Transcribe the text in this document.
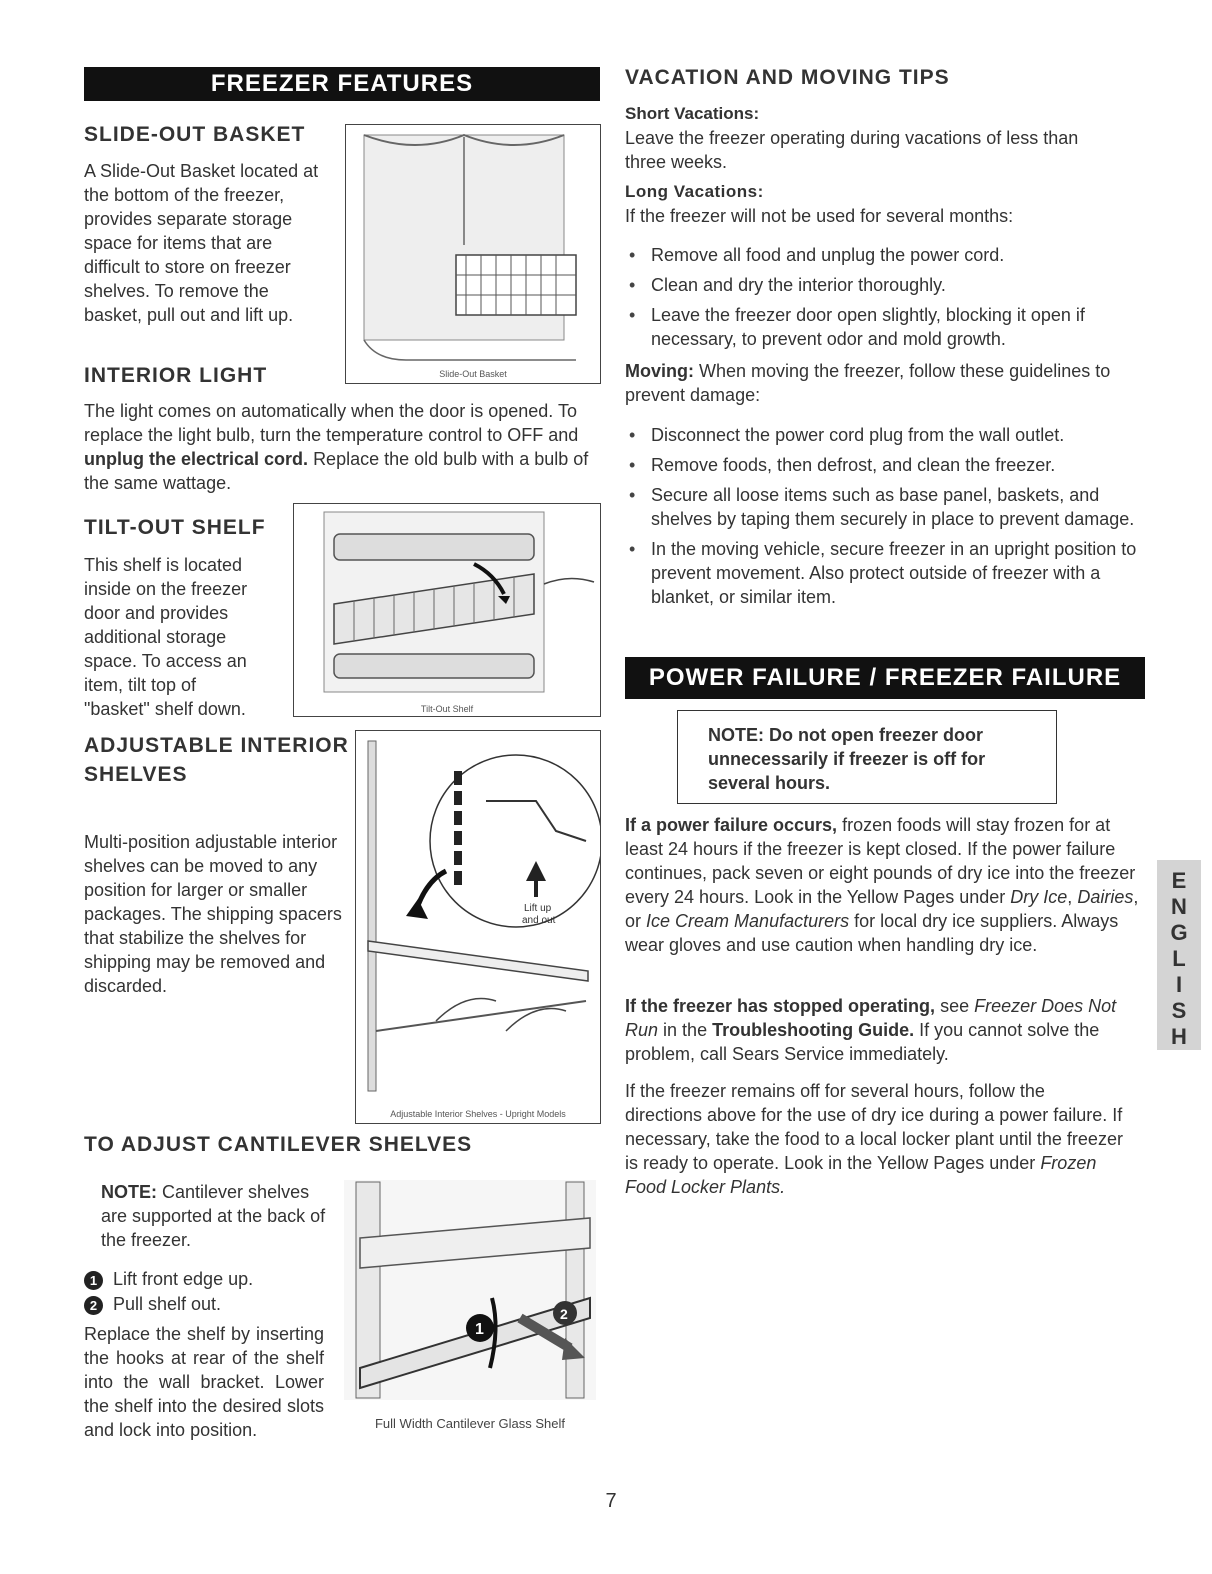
FREEZER FEATURES
SLIDE-OUT BASKET
A Slide-Out Basket located at the bottom of the freezer, provides separate storage space for items that are difficult to store on freezer shelves. To remove the basket, pull out and lift up.
Slide-Out Basket
INTERIOR LIGHT
The light comes on automatically when the door is opened. To replace the light bulb, turn the temperature control to OFF and unplug the electrical cord. Replace the old bulb with a bulb of the same wattage.
TILT-OUT SHELF
This shelf is located inside on the freezer door and provides additional storage space. To access an item, tilt top of "basket" shelf down.	Tilt-Out Shelf
ADJUSTABLE INTERIOR
SHELVES
Multi-position adjustable interior shelves can be moved to any position for larger or smaller packages. The shipping spacers that stabilize the shelves for shipping may be removed and discarded.
Lift up
and out
Adjustable Interior Shelves - Upright Models
TO ADJUST CANTILEVER SHELVES
NOTE: Cantilever shelves are supported at the back of the freezer.
1 Lift front edge up.
2 Pull shelf out.
Replace the shelf by inserting the hooks at rear of the shelf into the wall bracket. Lower the shelf into the desired slots and lock into position.
1
2
Full Width Cantilever Glass Shelf
VACATION AND MOVING TIPS
Short Vacations:
Leave the freezer operating during vacations of less than three weeks.
Long Vacations:
If the freezer will not be used for several months:
• Remove all food and unplug the power cord.
• Clean and dry the interior thoroughly.
• Leave the freezer door open slightly, blocking it open if necessary, to prevent odor and mold growth.
Moving: When moving the freezer, follow these guidelines to prevent damage:
• Disconnect the power cord plug from the wall outlet.
• Remove foods, then defrost, and clean the freezer.
• Secure all loose items such as base panel, baskets, and shelves by taping them securely in place to prevent damage.
• In the moving vehicle, secure freezer in an upright position to prevent movement. Also protect outside of freezer with a blanket, or similar item.
POWER FAILURE / FREEZER FAILURE
NOTE: Do not open freezer door unnecessarily if freezer is off for several hours.
If a power failure occurs, frozen foods will stay frozen for at least 24 hours if the freezer is kept closed. If the power failure continues, pack seven or eight pounds of dry ice into the freezer every 24 hours. Look in the Yellow Pages under Dry Ice, Dairies, or Ice Cream Manufacturers for local dry ice suppliers. Always wear gloves and use caution when handling dry ice.
If the freezer has stopped operating, see Freezer Does Not Run in the Troubleshooting Guide. If you cannot solve the problem, call Sears Service immediately.
If the freezer remains off for several hours, follow the directions above for the use of dry ice during a power failure. If necessary, take the food to a local locker plant until the freezer is ready to operate. Look in the Yellow Pages under Frozen Food Locker Plants.
E
N
G
L
I
S
H
7
